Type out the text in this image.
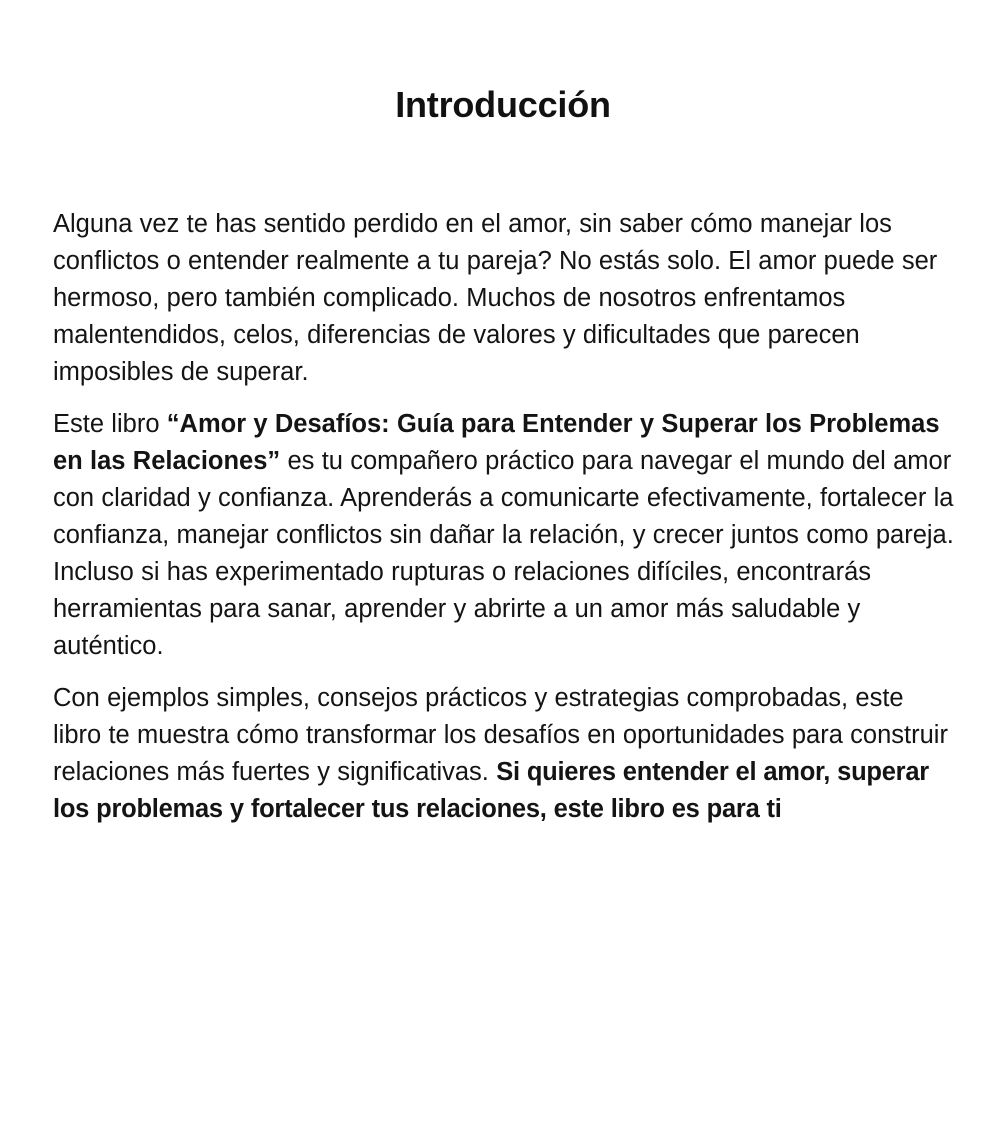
Introducción

Alguna vez te has sentido perdido en el amor, sin saber cómo manejar los conflictos o entender realmente a tu pareja? No estás solo. El amor puede ser hermoso, pero también complicado. Muchos de nosotros enfrentamos malentendidos, celos, diferencias de valores y dificultades que parecen imposibles de superar.

Este libro “Amor y Desafíos: Guía para Entender y Superar los Problemas en las Relaciones” es tu compañero práctico para navegar el mundo del amor con claridad y confianza. Aprenderás a comunicarte efectivamente, fortalecer la confianza, manejar conflictos sin dañar la relación, y crecer juntos como pareja. Incluso si has experimentado rupturas o relaciones difíciles, encontrarás herramientas para sanar, aprender y abrirte a un amor más saludable y auténtico.

Con ejemplos simples, consejos prácticos y estrategias comprobadas, este libro te muestra cómo transformar los desafíos en oportunidades para construir relaciones más fuertes y significativas. Si quieres entender el amor, superar los problemas y fortalecer tus relaciones, este libro es para ti
